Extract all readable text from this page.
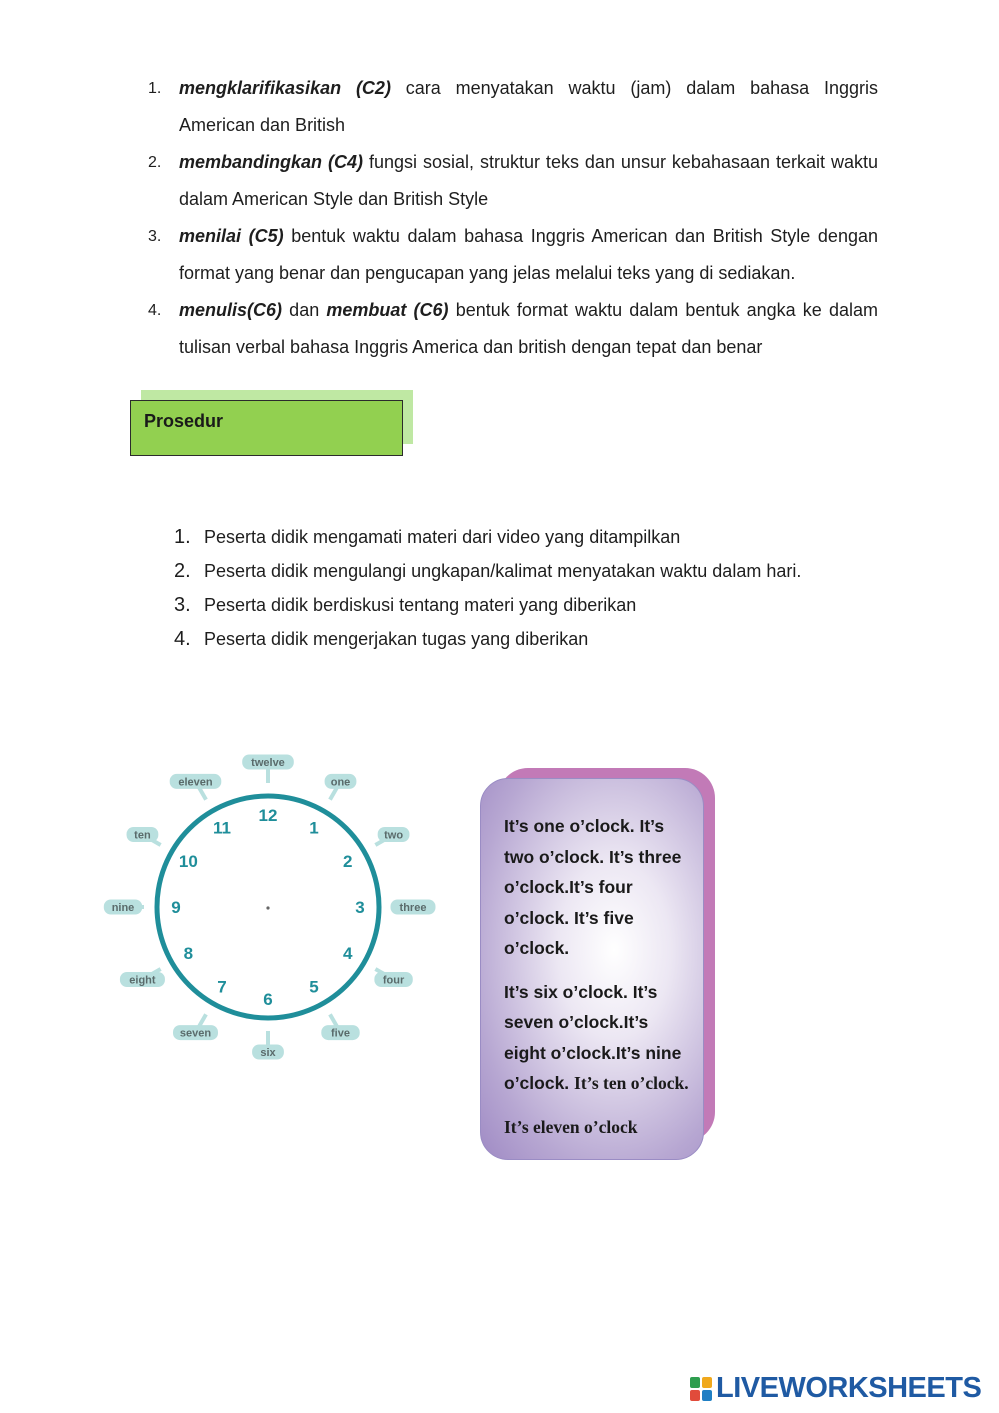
1. mengklarifikasikan (C2) cara menyatakan waktu (jam) dalam bahasa Inggris American dan British
2. membandingkan (C4) fungsi sosial, struktur teks dan unsur kebahasaan terkait waktu dalam American Style dan British Style
3. menilai (C5) bentuk waktu dalam bahasa Inggris American dan British Style dengan format yang benar dan pengucapan yang jelas melalui teks yang di sediakan.
4. menulis(C6) dan membuat (C6) bentuk format waktu dalam bentuk angka ke dalam tulisan verbal bahasa Inggris America dan british dengan tepat dan benar
Prosedur
1. Peserta didik mengamati materi dari video yang ditampilkan
2. Peserta didik mengulangi ungkapan/kalimat menyatakan waktu dalam hari.
3. Peserta didik berdiskusi tentang materi yang diberikan
4. Peserta didik mengerjakan tugas yang diberikan
twelve
one
two
three
four
five
six
seven
eight
nine
ten
eleven
12
1
2
3
4
5
6
7
8
9
10
11	It’s one o’clock. It’s two o’clock. It’s three o’clock.It’s four o’clock. It’s five o’clock.

It’s six o’clock. It’s seven o’clock.It’s eight o’clock.It’s nine o’clock. It’s ten o’clock.

It’s eleven o’clock

LIVEWORKSHEETS
